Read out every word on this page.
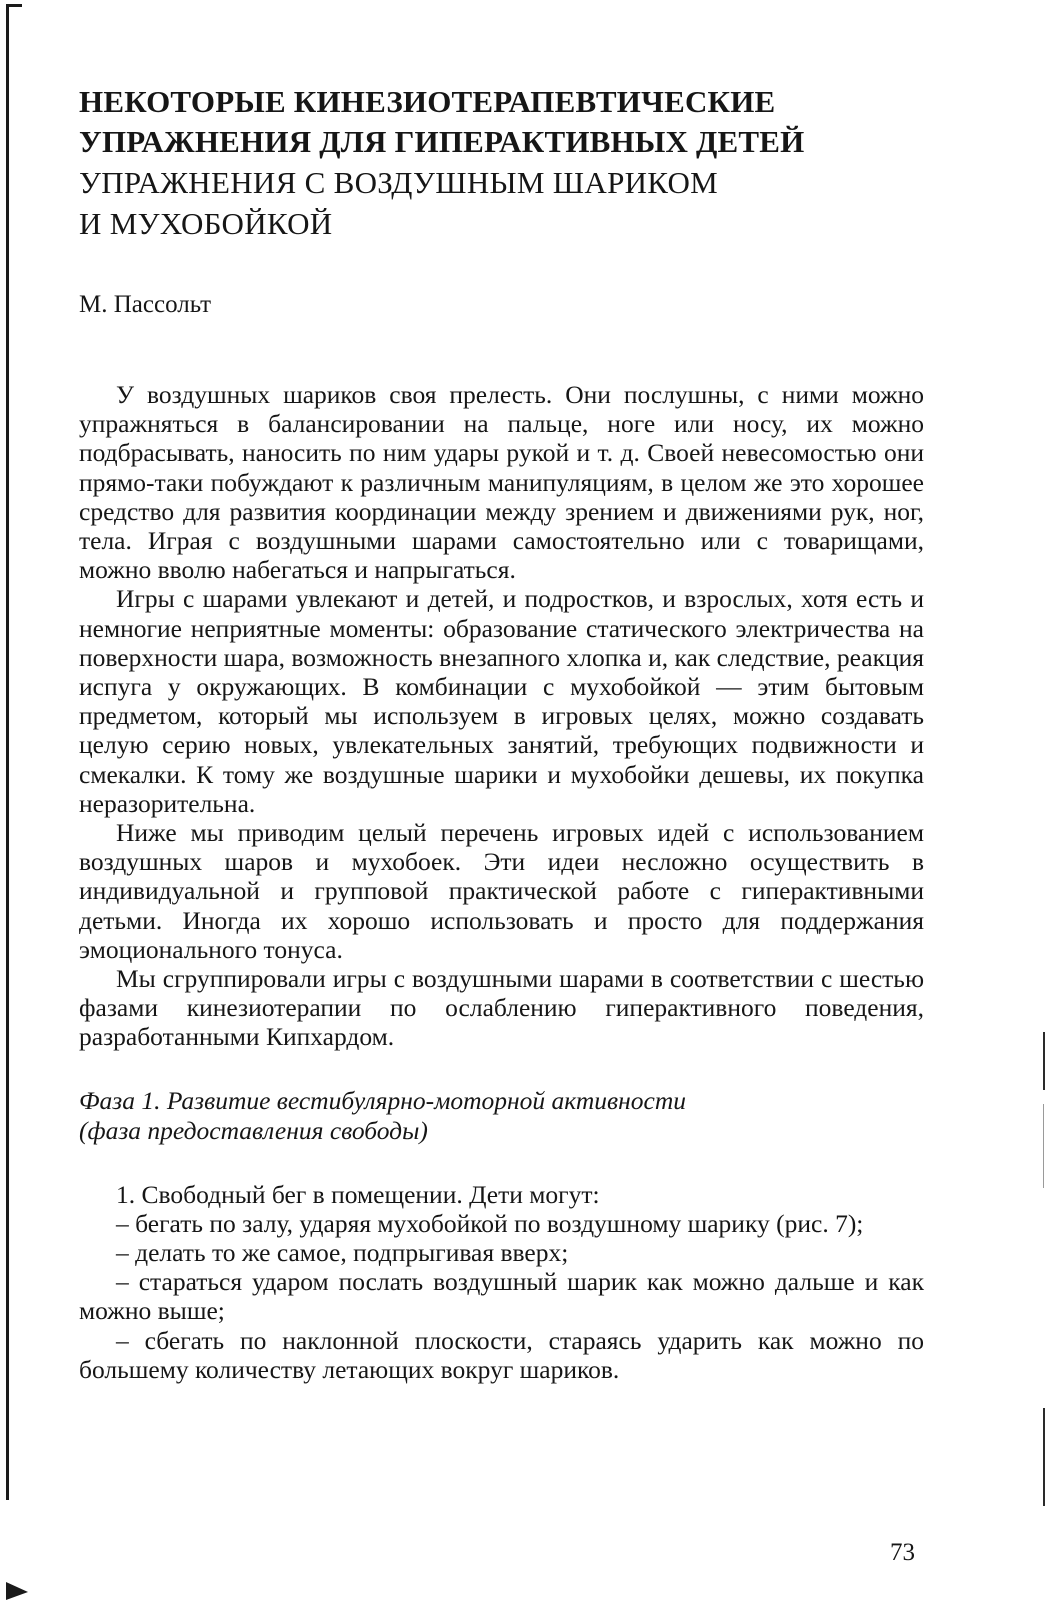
НЕКОТОРЫЕ КИНЕЗИОТЕРАПЕВТИЧЕСКИЕ

УПРАЖНЕНИЯ ДЛЯ ГИПЕРАКТИВНЫХ ДЕТЕЙ

УПРАЖНЕНИЯ С ВОЗДУШНЫМ ШАРИКОМ

И МУХОБОЙКОЙ

М. Пассольт

У воздушных шариков своя прелесть. Они послушны, с ними можно упражняться в балансировании на пальце, ноге или носу, их можно подбрасывать, наносить по ним удары рукой и т. д. Своей невесомостью они прямо-таки побуждают к различным манипуляциям, в целом же это хорошее средство для развития координации между зрением и движениями рук, ног, тела. Играя с воздушными шарами самостоятельно или с товарищами, можно вволю набегаться и напрыгаться.

Игры с шарами увлекают и детей, и подростков, и взрослых, хотя есть и немногие неприятные моменты: образование статического электричества на поверхности шара, возможность внезапного хлопка и, как следствие, реакция испуга у окружающих. В комбинации с мухобойкой — этим бытовым предметом, который мы используем в игровых целях, можно создавать целую серию новых, увлекательных занятий, требующих подвижности и смекалки. К тому же воздушные шарики и мухобойки дешевы, их покупка неразорительна.

Ниже мы приводим целый перечень игровых идей с использованием воздушных шаров и мухобоек. Эти идеи несложно осуществить в индивидуальной и групповой практической работе с гиперактивными детьми. Иногда их хорошо использовать и просто для поддержания эмоционального тонуса.

Мы сгруппировали игры с воздушными шарами в соответствии с шестью фазами кинезиотерапии по ослаблению гиперактивного поведения, разработанными Кипхардом.

Фаза 1. Развитие вестибулярно-моторной активности
(фаза предоставления свободы)

1. Свободный бег в помещении. Дети могут:

– бегать по залу, ударяя мухобойкой по воздушному шарику (рис. 7);

– делать то же самое, подпрыгивая вверх;

– стараться ударом послать воздушный шарик как можно дальше и как можно выше;

– сбегать по наклонной плоскости, стараясь ударить как можно по большему количеству летающих вокруг шариков.

73
